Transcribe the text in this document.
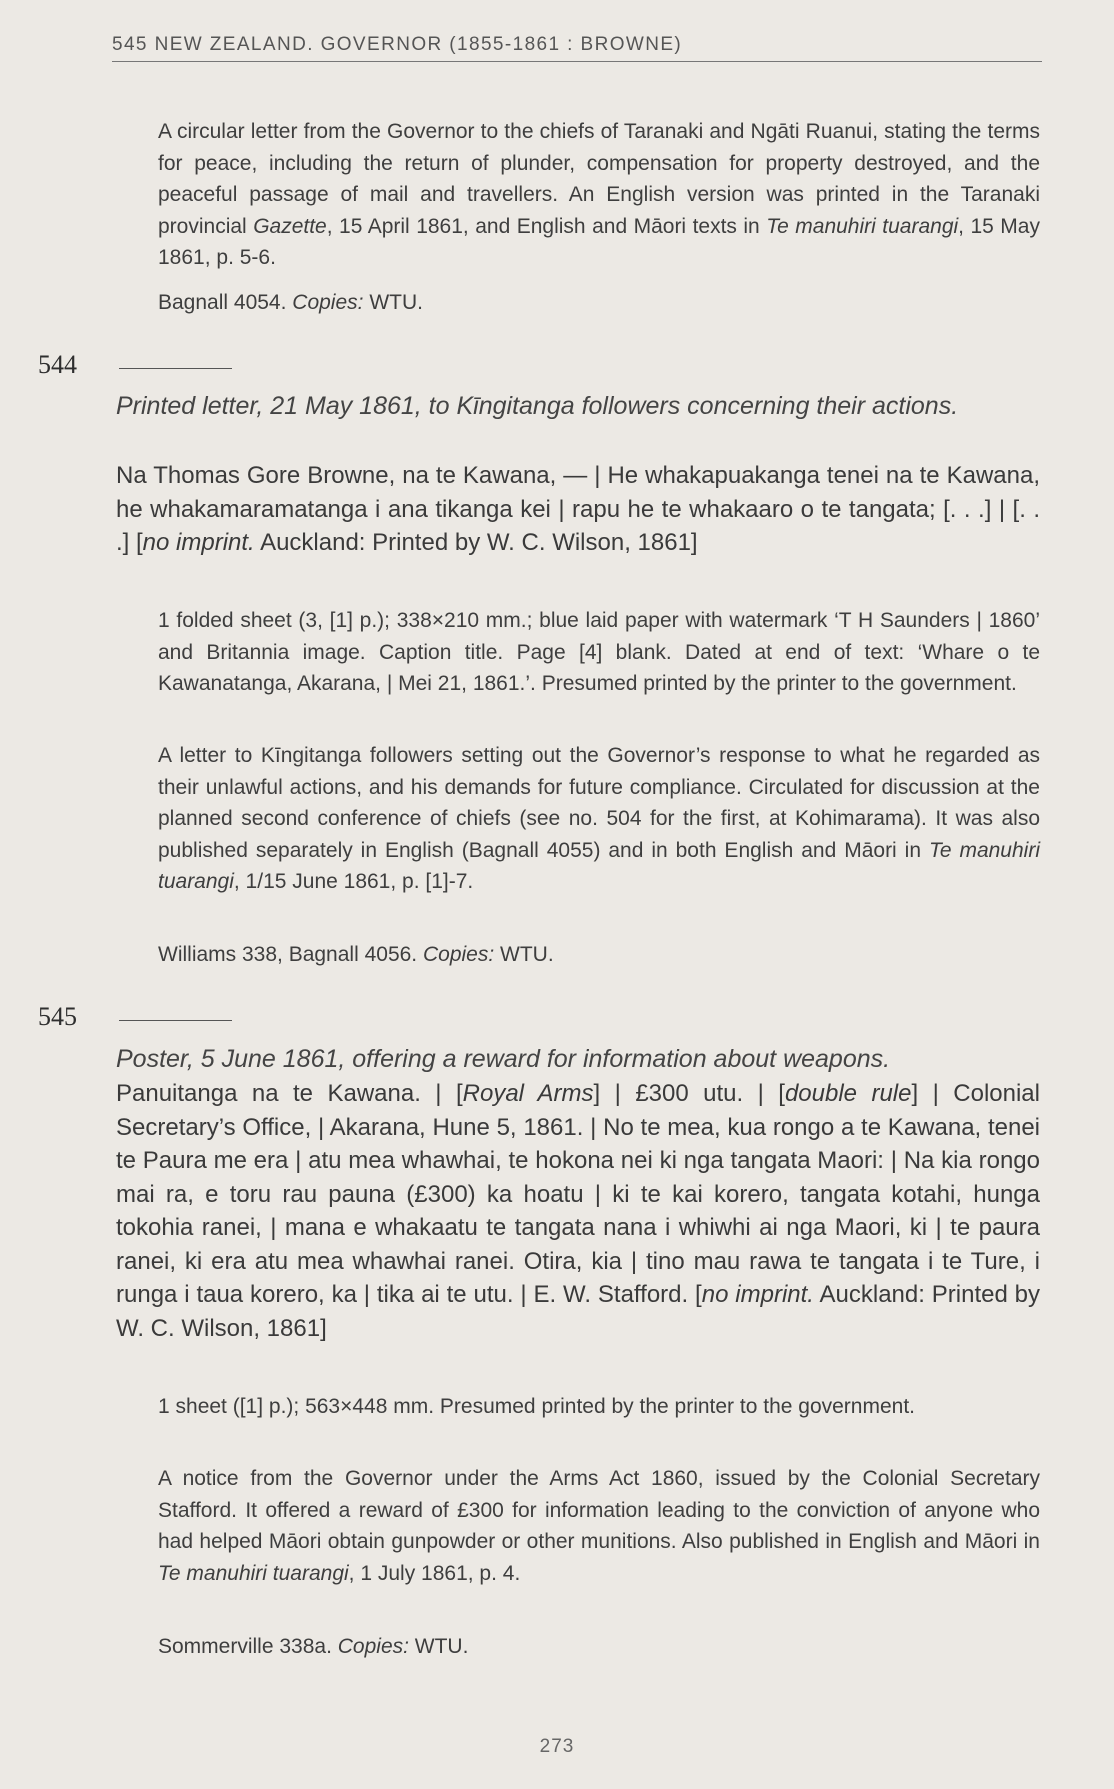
545 NEW ZEALAND. GOVERNOR (1855-1861 : BROWNE)
A circular letter from the Governor to the chiefs of Taranaki and Ngāti Ruanui, stating the terms for peace, including the return of plunder, compensation for property destroyed, and the peaceful passage of mail and travellers. An English version was printed in the Taranaki provincial Gazette, 15 April 1861, and English and Māori texts in Te manuhiri tuarangi, 15 May 1861, p. 5-6.
Bagnall 4054. Copies: WTU.
544
Printed letter, 21 May 1861, to Kīngitanga followers concerning their actions.
Na Thomas Gore Browne, na te Kawana, — | He whakapuakanga tenei na te Kawana, he whakamaramatanga i ana tikanga kei | rapu he te whakaaro o te tangata; [. . .] | [. . .] [no imprint. Auckland: Printed by W. C. Wilson, 1861]
1 folded sheet (3, [1] p.); 338×210 mm.; blue laid paper with watermark ‘T H Saunders | 1860’ and Britannia image. Caption title. Page [4] blank. Dated at end of text: ‘Whare o te Kawanatanga, Akarana, | Mei 21, 1861.’. Presumed printed by the printer to the government.
A letter to Kīngitanga followers setting out the Governor’s response to what he regarded as their unlawful actions, and his demands for future compliance. Circulated for discussion at the planned second conference of chiefs (see no. 504 for the first, at Kohimarama). It was also published separately in English (Bagnall 4055) and in both English and Māori in Te manuhiri tuarangi, 1/15 June 1861, p. [1]-7.
Williams 338, Bagnall 4056. Copies: WTU.
545
Poster, 5 June 1861, offering a reward for information about weapons.
Panuitanga na te Kawana. | [Royal Arms] | £300 utu. | [double rule] | Colonial Secretary’s Office, | Akarana, Hune 5, 1861. | No te mea, kua rongo a te Kawana, tenei te Paura me era | atu mea whawhai, te hokona nei ki nga tangata Maori: | Na kia rongo mai ra, e toru rau pauna (£300) ka hoatu | ki te kai korero, tangata kotahi, hunga tokohia ranei, | mana e whakaatu te tangata nana i whiwhi ai nga Maori, ki | te paura ranei, ki era atu mea whawhai ranei. Otira, kia | tino mau rawa te tangata i te Ture, i runga i taua korero, ka | tika ai te utu. | E. W. Stafford. [no imprint. Auckland: Printed by W. C. Wilson, 1861]
1 sheet ([1] p.); 563×448 mm. Presumed printed by the printer to the government.
A notice from the Governor under the Arms Act 1860, issued by the Colonial Secretary Stafford. It offered a reward of £300 for information leading to the conviction of anyone who had helped Māori obtain gunpowder or other munitions. Also published in English and Māori in Te manuhiri tuarangi, 1 July 1861, p. 4.
Sommerville 338a. Copies: WTU.
273
